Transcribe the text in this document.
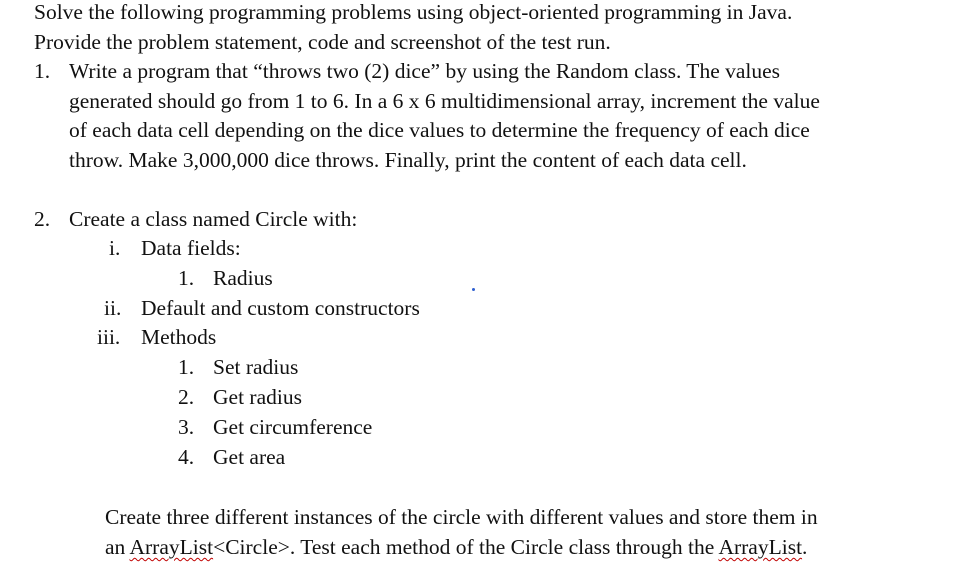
Solve the following programming problems using object-oriented programming in Java.
Provide the problem statement, code and screenshot of the test run.
1. Write a program that “throws two (2) dice” by using the Random class. The values
generated should go from 1 to 6. In a 6 x 6 multidimensional array, increment the value
of each data cell depending on the dice values to determine the frequency of each dice
throw. Make 3,000,000 dice throws. Finally, print the content of each data cell.
2. Create a class named Circle with:
i. Data fields:
1. Radius
ii. Default and custom constructors
iii. Methods
1. Set radius
2. Get radius
3. Get circumference
4. Get area
Create three different instances of the circle with different values and store them in
an ArrayList<Circle>. Test each method of the Circle class through the ArrayList.
